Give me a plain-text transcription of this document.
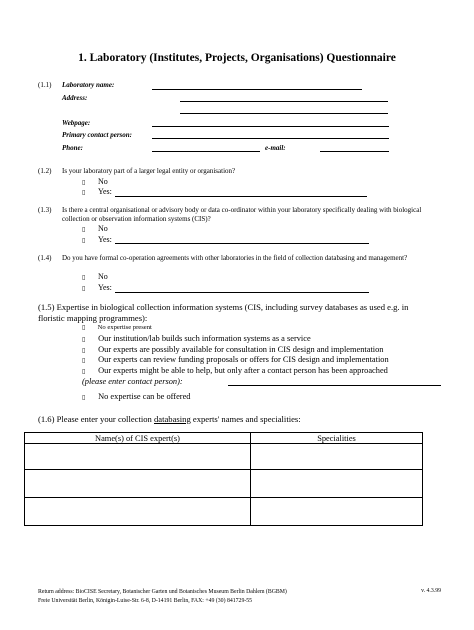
1. Laboratory (Institutes, Projects, Organisations) Questionnaire
(1.1) Laboratory name:
Address:
Webpage:
Primary contact person:
Phone:	e-mail:
(1.2) Is your laboratory part of a larger legal entity or organisation?
▯ No
▯ Yes:
(1.3) Is there a central organisational or advisory body or data co-ordinator within your laboratory specifically dealing with biological collection or observation information systems (CIS)?
▯ No
▯ Yes:
(1.4) Do you have formal co-operation agreements with other laboratories in the field of collection databasing and management?
▯ No
▯ Yes:
(1.5) Expertise in biological collection information systems (CIS, including survey databases as used e.g. in floristic mapping programmes):
▯ No expertise present
▯ Our institution/lab builds such information systems as a service
▯ Our experts are possibly available for consultation in CIS design and implementation
▯ Our experts can review funding proposals or offers for CIS design and implementation
▯ Our experts might be able to help, but only after a contact person has been approached
(please enter contact person):
▯ No expertise can be offered
(1.6) Please enter your collection databasing experts' names and specialities:
Name(s) of CIS expert(s)	Specialities

Return address: BioCISE Secretary, Botanischer Garten und Botanisches Museum Berlin Dahlem (BGBM)
Freie Universität Berlin, Königin-Luise-Str. 6-8, D-14191 Berlin, FAX: +49 (30) 841729-55
v. 4.3.99
